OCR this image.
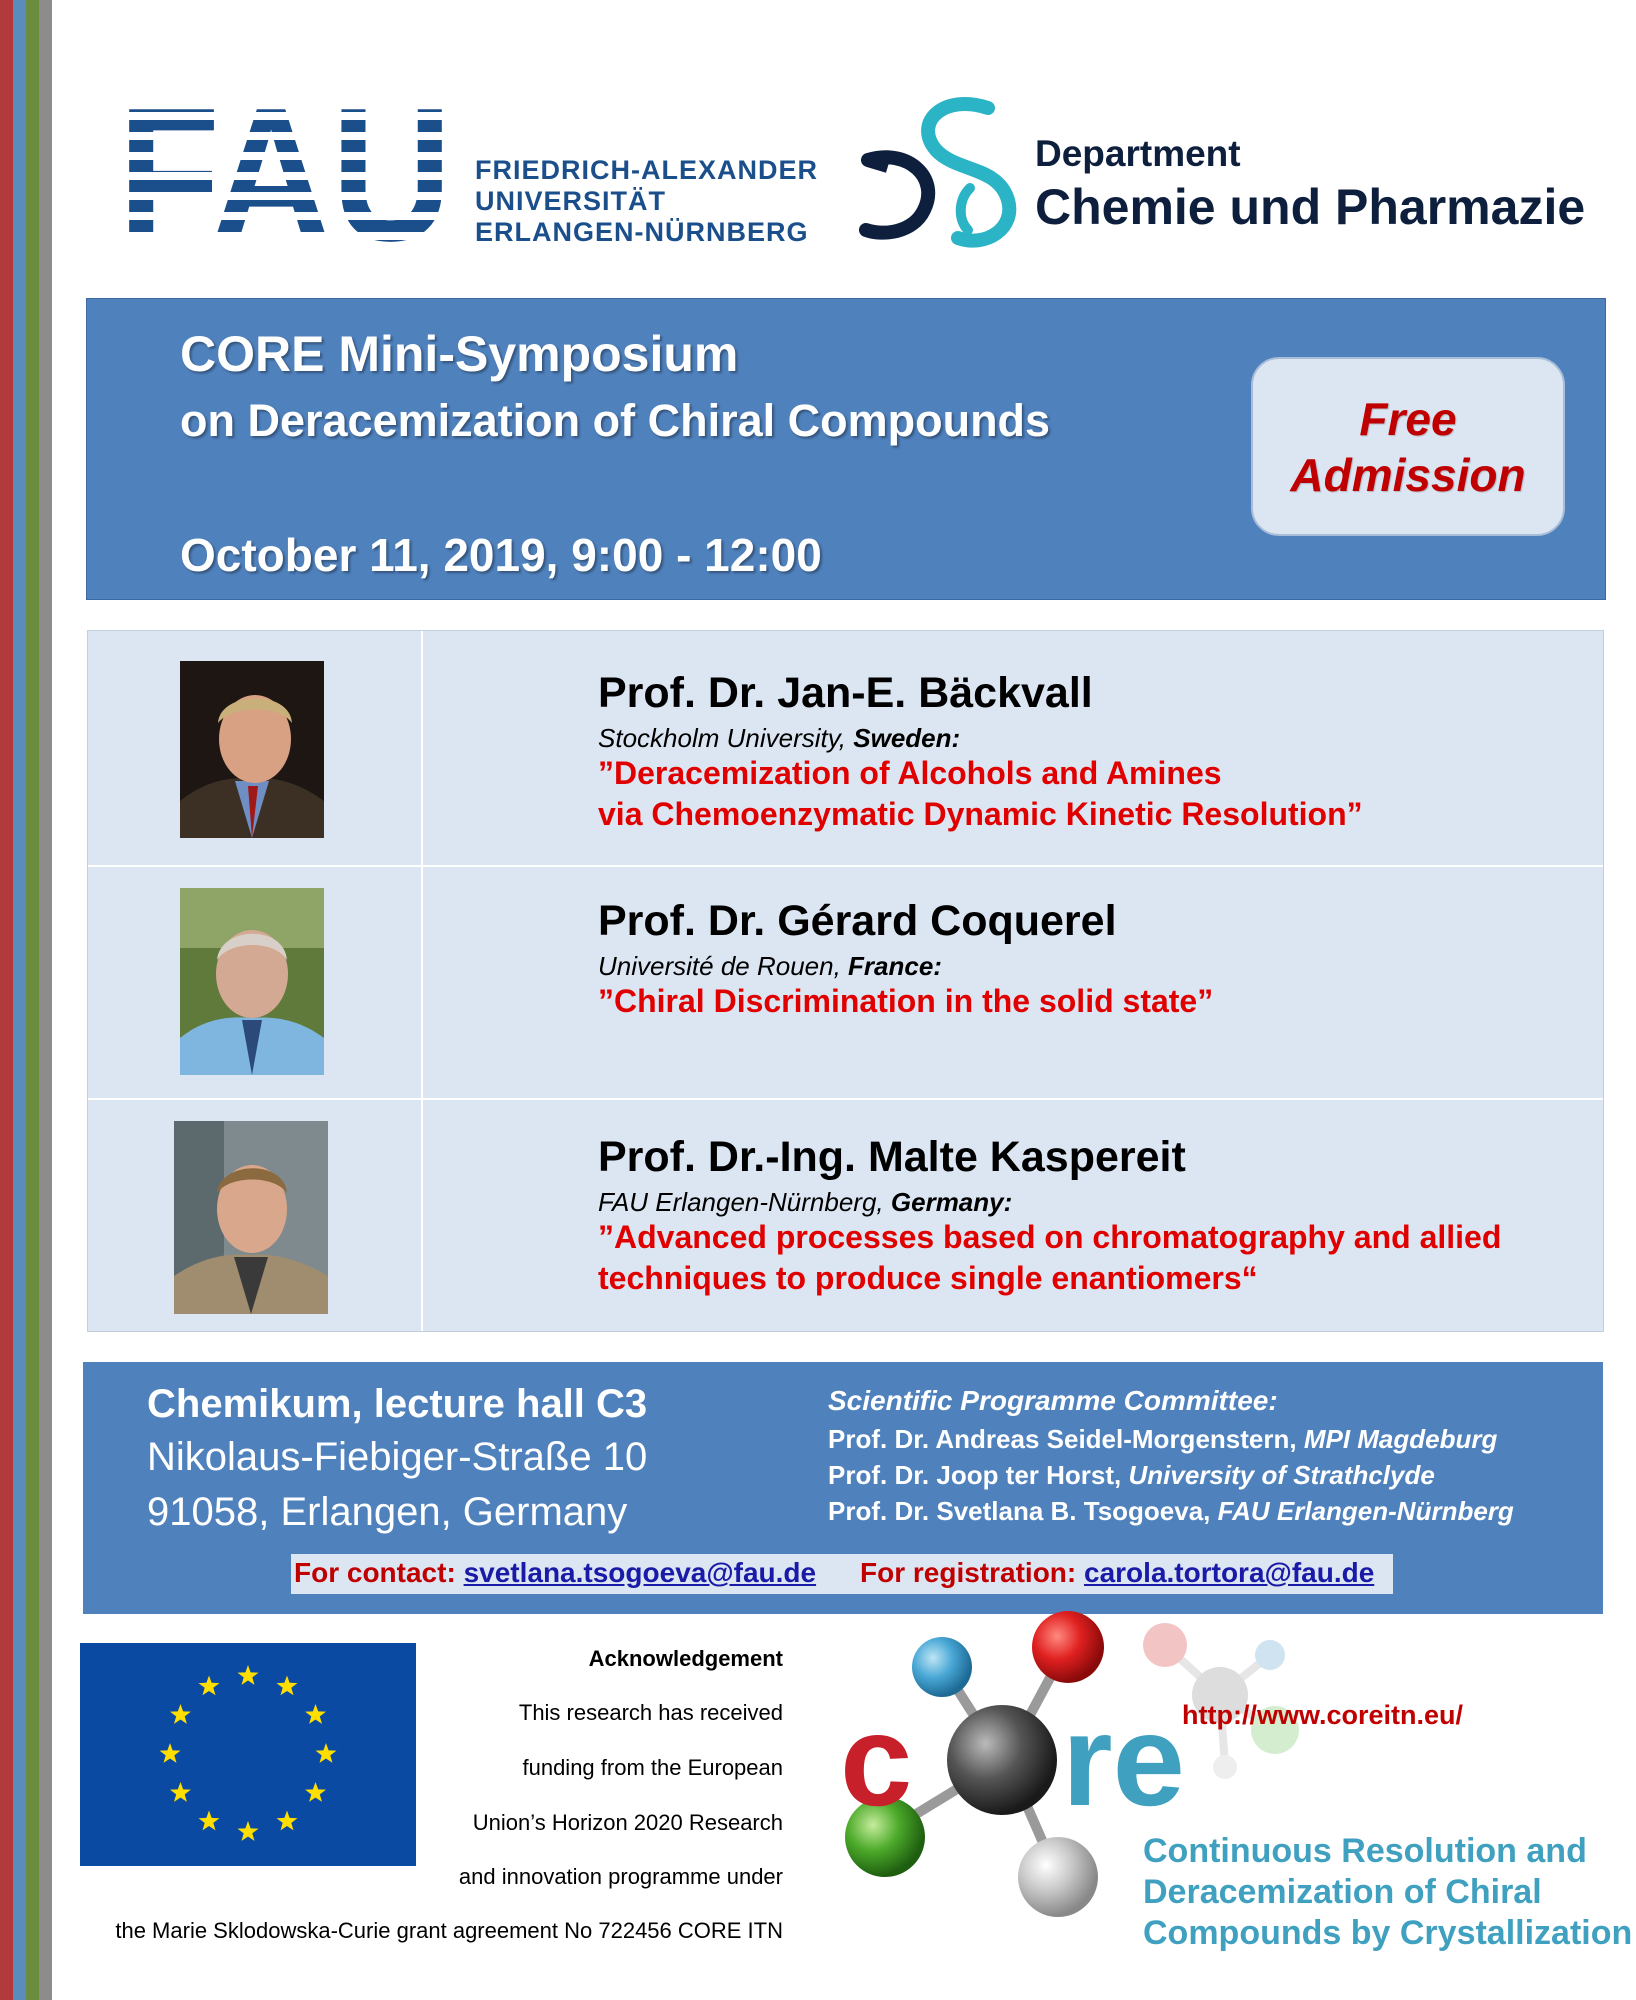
FRIEDRICH-ALEXANDER
UNIVERSITÄT
ERLANGEN-NÜRNBERG
Department
Chemie und Pharmazie
CORE Mini-Symposium
on Deracemization of Chiral Compounds
October 11, 2019, 9:00 - 12:00
Free
Admission
Prof. Dr. Jan-E. Bäckvall
Stockholm University, Sweden:
”Deracemization of Alcohols and Amines
via Chemoenzymatic Dynamic Kinetic Resolution”
Prof. Dr. Gérard Coquerel
Université de Rouen, France:
”Chiral Discrimination in the solid state”
Prof. Dr.-Ing. Malte Kaspereit
FAU Erlangen-Nürnberg, Germany:
”Advanced processes based on chromatography and allied
techniques to produce single enantiomers“
Chemikum, lecture hall C3
Nikolaus-Fiebiger-Straße 10
91058, Erlangen, Germany
Scientific Programme Committee:
Prof. Dr. Andreas Seidel-Morgenstern, MPI Magdeburg
Prof. Dr. Joop ter Horst, University of Strathclyde
Prof. Dr. Svetlana B. Tsogoeva, FAU Erlangen-Nürnberg
For contact: svetlana.tsogoeva@fau.de For registration: carola.tortora@fau.de
Acknowledgement
This research has received
funding from the European
Union’s Horizon 2020 Research
and innovation programme under
the Marie Sklodowska-Curie grant agreement No 722456 CORE ITN
c re
http://www.coreitn.eu/
Continuous Resolution and
Deracemization of Chiral
Compounds by Crystallization
